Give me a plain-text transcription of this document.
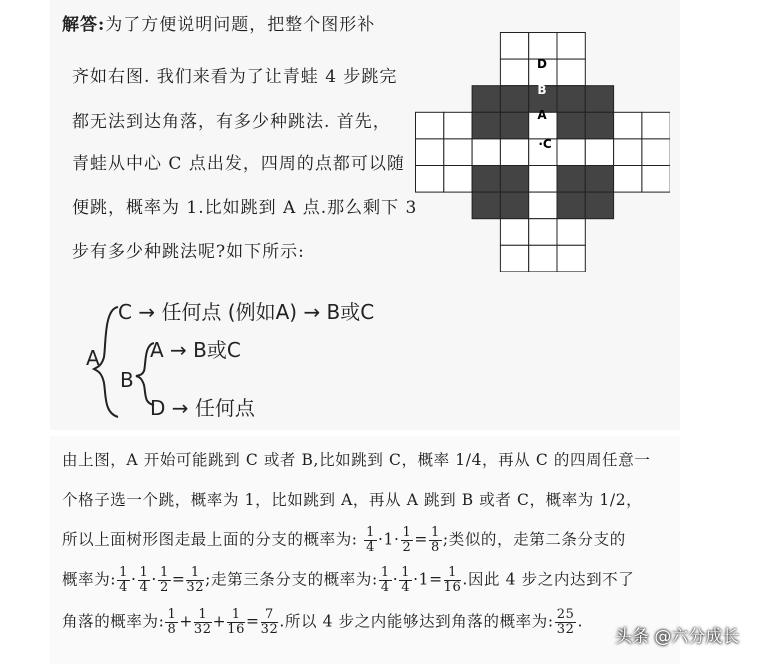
解答:为了方便说明问题，把整个图形补
齐如右图. 我们来看为了让青蛙 4 步跳完
都无法到达角落，有多少种跳法. 首先，
青蛙从中心 C 点出发，四周的点都可以随
便跳，概率为 1.比如跳到 A 点.那么剩下 3
步有多少种跳法呢?如下所示:
D
B
A
·C
A
C → 任何点 (例如A) → B或C
B
A → B或C
D → 任何点
由上图，A 开始可能跳到 C 或者 B,比如跳到 C，概率 1/4，再从 C 的四周任意一
个格子选一个跳，概率为 1，比如跳到 A，再从 A 跳到 B 或者 C，概率为 1/2，
所以上面树形图走最上面的分支的概率为: $\frac{1}{4} \cdot 1\cdot \frac{1}{2} = \frac{1}{8}$ ;类似的，走第二条分支的
概率为: $\frac{1}{4} \cdot \frac{1}{4} \cdot \frac{1}{2} = \frac{1}{32}$ ;走第三条分支的概率为: $\frac{1}{4} \cdot \frac{1}{4} \cdot 1= \frac{1}{16}$ .因此 4 步之内达到不了
角落的概率为: $\frac{1}{8} + \frac{1}{32} + \frac{1}{16} = \frac{7}{32}$ .所以 4 步之内能够达到角落的概率为: $\frac{25}{32}$ .
头条 @六分成长
